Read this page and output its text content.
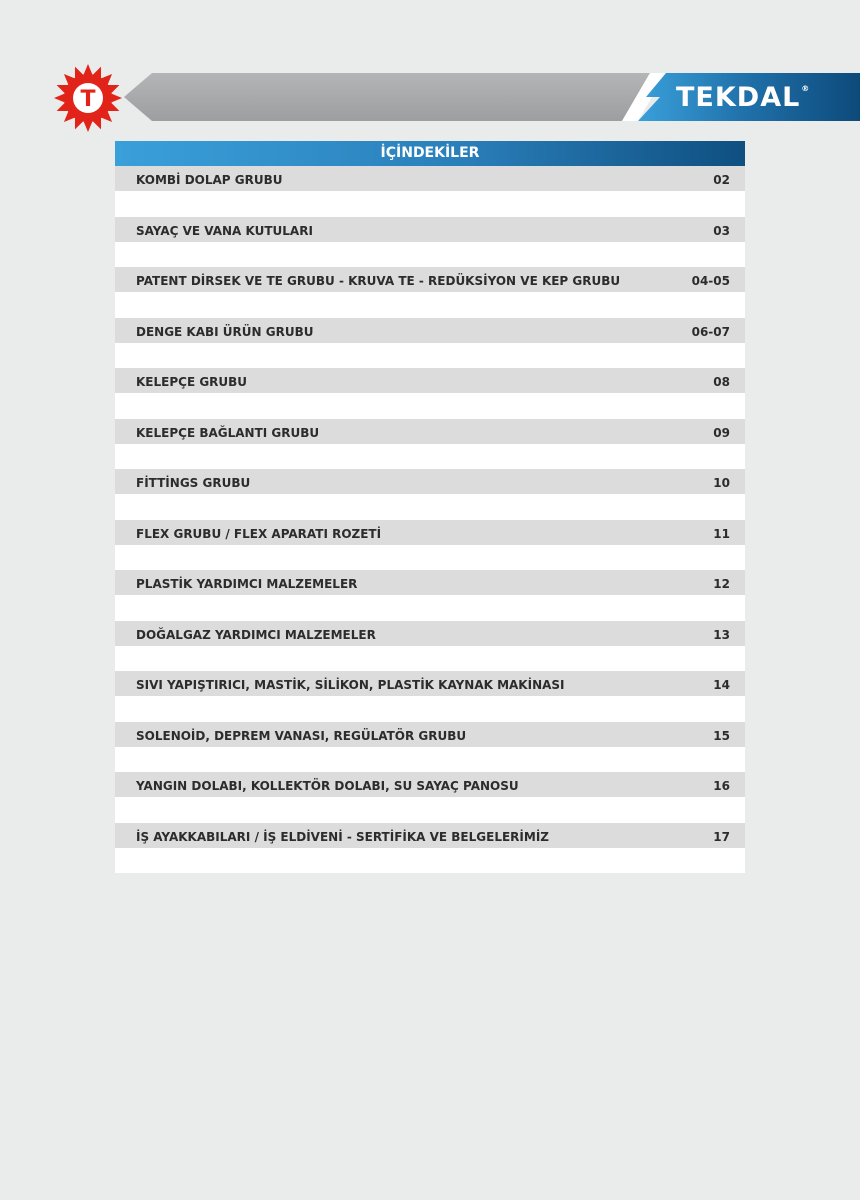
T	TEKDAL®
İÇİNDEKİLER
KOMBİ DOLAP GRUBU	02
SAYAÇ VE VANA KUTULARI	03
PATENT DİRSEK VE TE GRUBU - KRUVA TE - REDÜKSİYON VE KEP GRUBU	04-05
DENGE KABI ÜRÜN GRUBU	06-07
KELEPÇE GRUBU	08
KELEPÇE BAĞLANTI GRUBU	09
FİTTİNGS GRUBU	10
FLEX GRUBU / FLEX APARATI ROZETİ	11
PLASTİK YARDIMCI MALZEMELER	12
DOĞALGAZ YARDIMCI MALZEMELER	13
SIVI YAPIŞTIRICI, MASTİK, SİLİKON, PLASTİK KAYNAK MAKİNASI	14
SOLENOİD, DEPREM VANASI, REGÜLATÖR GRUBU	15
YANGIN DOLABI, KOLLEKTÖR DOLABI, SU SAYAÇ PANOSU	16
İŞ AYAKKABILARI / İŞ ELDİVENİ - SERTİFİKA VE BELGELERİMİZ	17
